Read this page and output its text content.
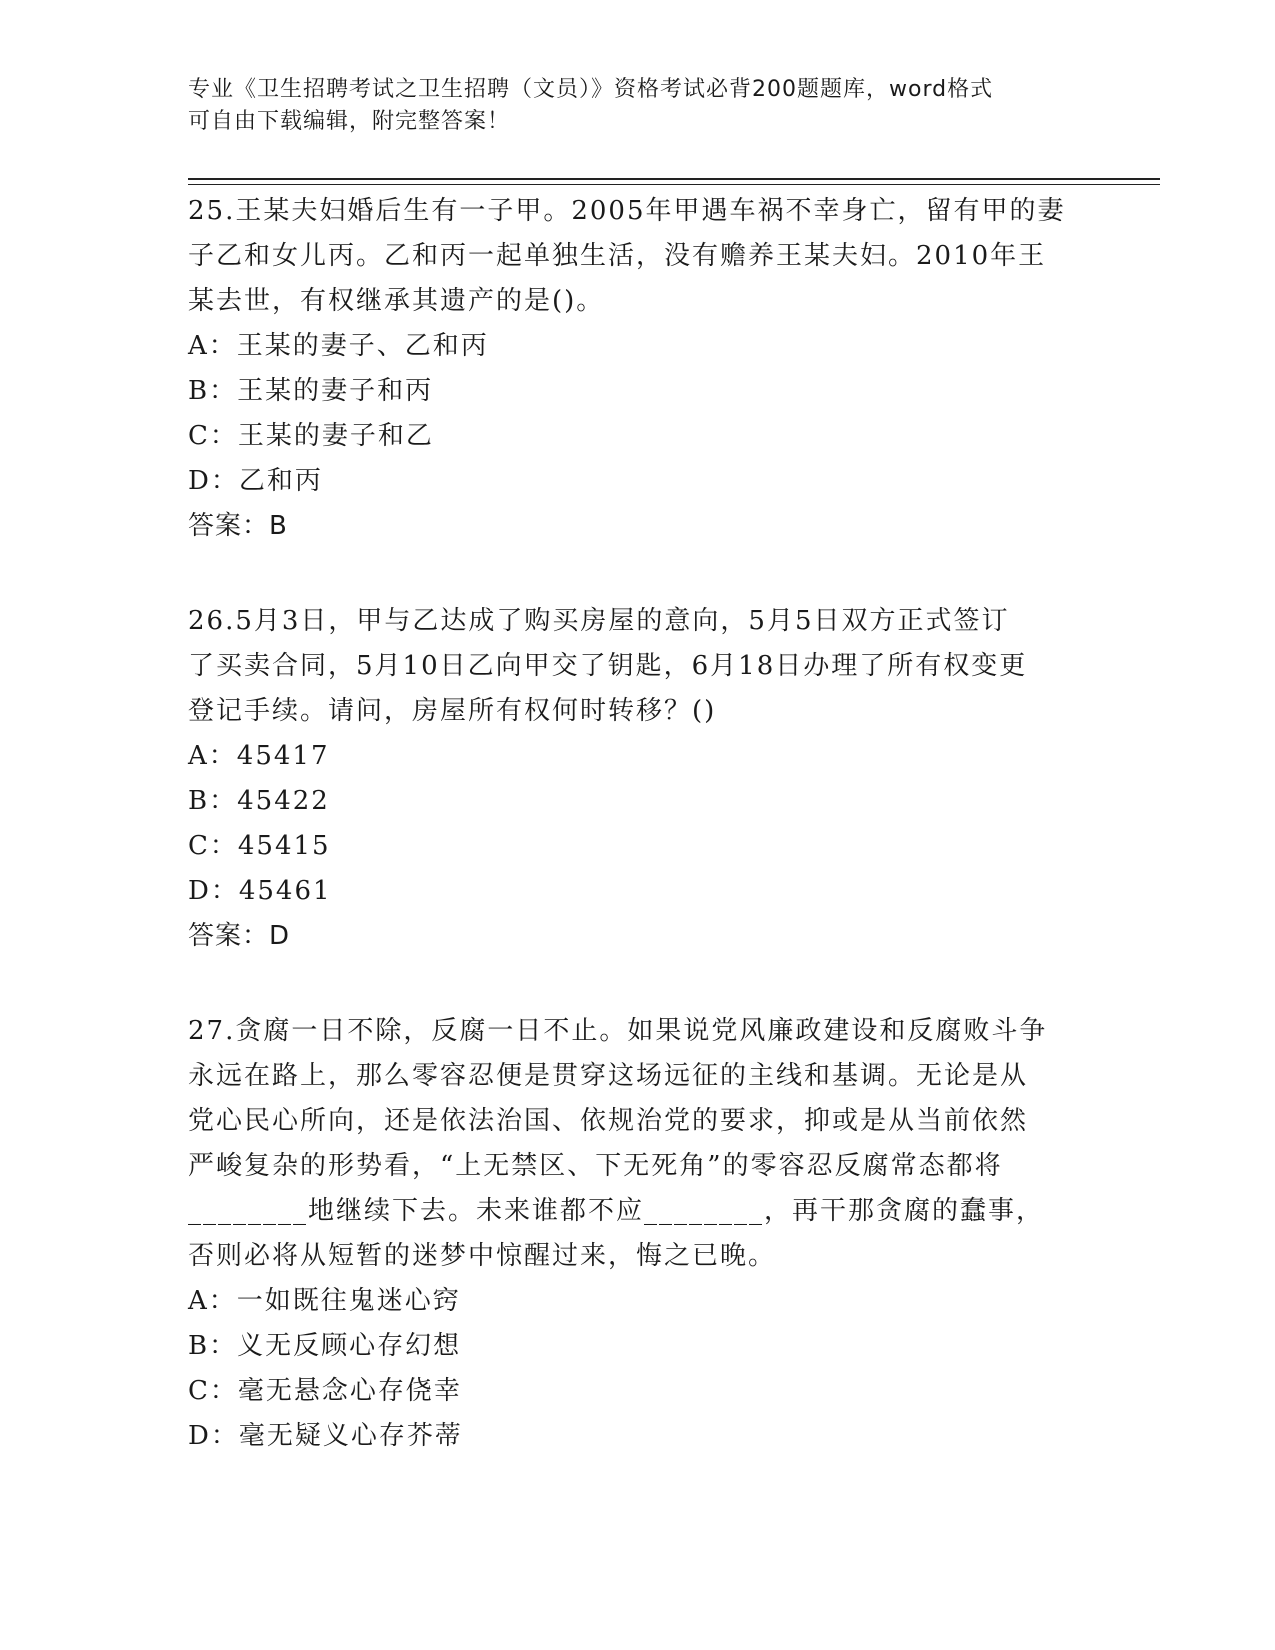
专业《卫生招聘考试之卫生招聘（文员）》资格考试必背200题题库，word格式
可自由下载编辑，附完整答案！
25.王某夫妇婚后生有一子甲。2005年甲遇车祸不幸身亡，留有甲的妻
子乙和女儿丙。乙和丙一起单独生活，没有赡养王某夫妇。2010年王
某去世，有权继承其遗产的是()。
A：王某的妻子、乙和丙
B：王某的妻子和丙
C：王某的妻子和乙
D：乙和丙
答案：B
26.5月3日，甲与乙达成了购买房屋的意向，5月5日双方正式签订
了买卖合同，5月10日乙向甲交了钥匙，6月18日办理了所有权变更
登记手续。请问，房屋所有权何时转移？()
A：45417
B：45422
C：45415
D：45461
答案：D
27.贪腐一日不除，反腐一日不止。如果说党风廉政建设和反腐败斗争
永远在路上，那么零容忍便是贯穿这场远征的主线和基调。无论是从
党心民心所向，还是依法治国、依规治党的要求，抑或是从当前依然
严峻复杂的形势看，“上无禁区、下无死角”的零容忍反腐常态都将
________地继续下去。未来谁都不应________，再干那贪腐的蠢事，
否则必将从短暂的迷梦中惊醒过来，悔之已晚。
A：一如既往鬼迷心窍
B：义无反顾心存幻想
C：毫无悬念心存侥幸
D：毫无疑义心存芥蒂
